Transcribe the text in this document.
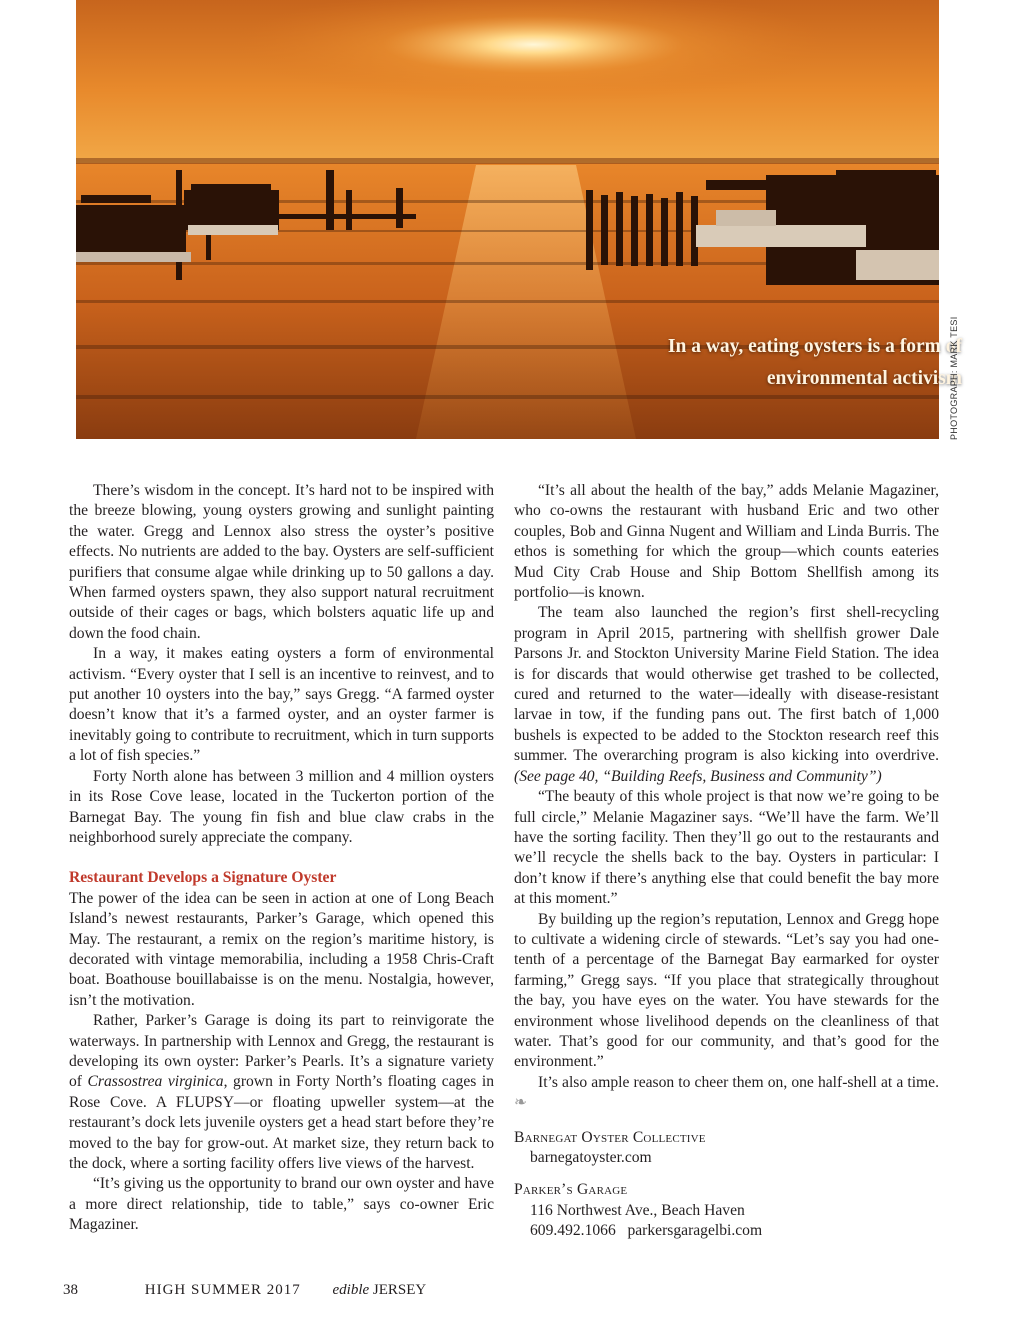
In a way, eating oysters is a form of
environmental activism
PHOTOGRAPH: MARK TESI

There’s wisdom in the concept. It’s hard not to be inspired with the breeze blowing, young oysters growing and sunlight painting the water. Gregg and Lennox also stress the oyster’s positive effects. No nutrients are added to the bay. Oysters are self-sufficient purifiers that consume algae while drinking up to 50 gallons a day. When farmed oysters spawn, they also support natural recruitment outside of their cages or bags, which bolsters aquatic life up and down the food chain.

In a way, it makes eating oysters a form of environmental activism. “Every oyster that I sell is an incentive to reinvest, and to put another 10 oysters into the bay,” says Gregg. “A farmed oyster doesn’t know that it’s a farmed oyster, and an oyster farmer is inevitably going to contribute to recruitment, which in turn supports a lot of fish species.”

Forty North alone has between 3 million and 4 million oysters in its Rose Cove lease, located in the Tuckerton portion of the Barnegat Bay. The young fin fish and blue claw crabs in the neighborhood surely appreciate the company.

Restaurant Develops a Signature Oyster

The power of the idea can be seen in action at one of Long Beach Island’s newest restaurants, Parker’s Garage, which opened this May. The restaurant, a remix on the region’s maritime history, is decorated with vintage memorabilia, including a 1958 Chris-Craft boat. Boathouse bouillabaisse is on the menu. Nostalgia, however, isn’t the motivation.

Rather, Parker’s Garage is doing its part to reinvigorate the waterways. In partnership with Lennox and Gregg, the restaurant is developing its own oyster: Parker’s Pearls. It’s a signature variety of Crassostrea virginica, grown in Forty North’s floating cages in Rose Cove. A FLUPSY—or floating upweller system—at the restaurant’s dock lets juvenile oysters get a head start before they’re moved to the bay for grow-out. At market size, they return back to the dock, where a sorting facility offers live views of the harvest.

“It’s giving us the opportunity to brand our own oyster and have a more direct relationship, tide to table,” says co-owner Eric Magaziner.

“It’s all about the health of the bay,” adds Melanie Magaziner, who co-owns the restaurant with husband Eric and two other couples, Bob and Ginna Nugent and William and Linda Burris. The ethos is something for which the group—which counts eateries Mud City Crab House and Ship Bottom Shellfish among its portfolio—is known.

The team also launched the region’s first shell-recycling program in April 2015, partnering with shellfish grower Dale Parsons Jr. and Stockton University Marine Field Station. The idea is for discards that would otherwise get trashed to be collected, cured and returned to the water—ideally with disease-resistant larvae in tow, if the funding pans out. The first batch of 1,000 bushels is expected to be added to the Stockton research reef this summer. The overarching program is also kicking into overdrive. (See page 40, “Building Reefs, Business and Community”)

“The beauty of this whole project is that now we’re going to be full circle,” Melanie Magaziner says. “We’ll have the farm. We’ll have the sorting facility. Then they’ll go out to the restaurants and we’ll recycle the shells back to the bay. Oysters in particular: I don’t know if there’s anything else that could benefit the bay more at this moment.”

By building up the region’s reputation, Lennox and Gregg hope to cultivate a widening circle of stewards. “Let’s say you had one-tenth of a percentage of the Barnegat Bay earmarked for oyster farming,” Gregg says. “If you place that strategically throughout the bay, you have eyes on the water. You have stewards for the environment whose livelihood depends on the cleanliness of that water. That’s good for our community, and that’s good for the environment.”

It’s also ample reason to cheer them on, one half-shell at a time. ❧

Barnegat Oyster Collective
barnegatoyster.com
Parker’s Garage
116 Northwest Ave., Beach Haven
609.492.1066   parkersgaragelbi.com
38	HIGH SUMMER 2017 edible JERSEY
